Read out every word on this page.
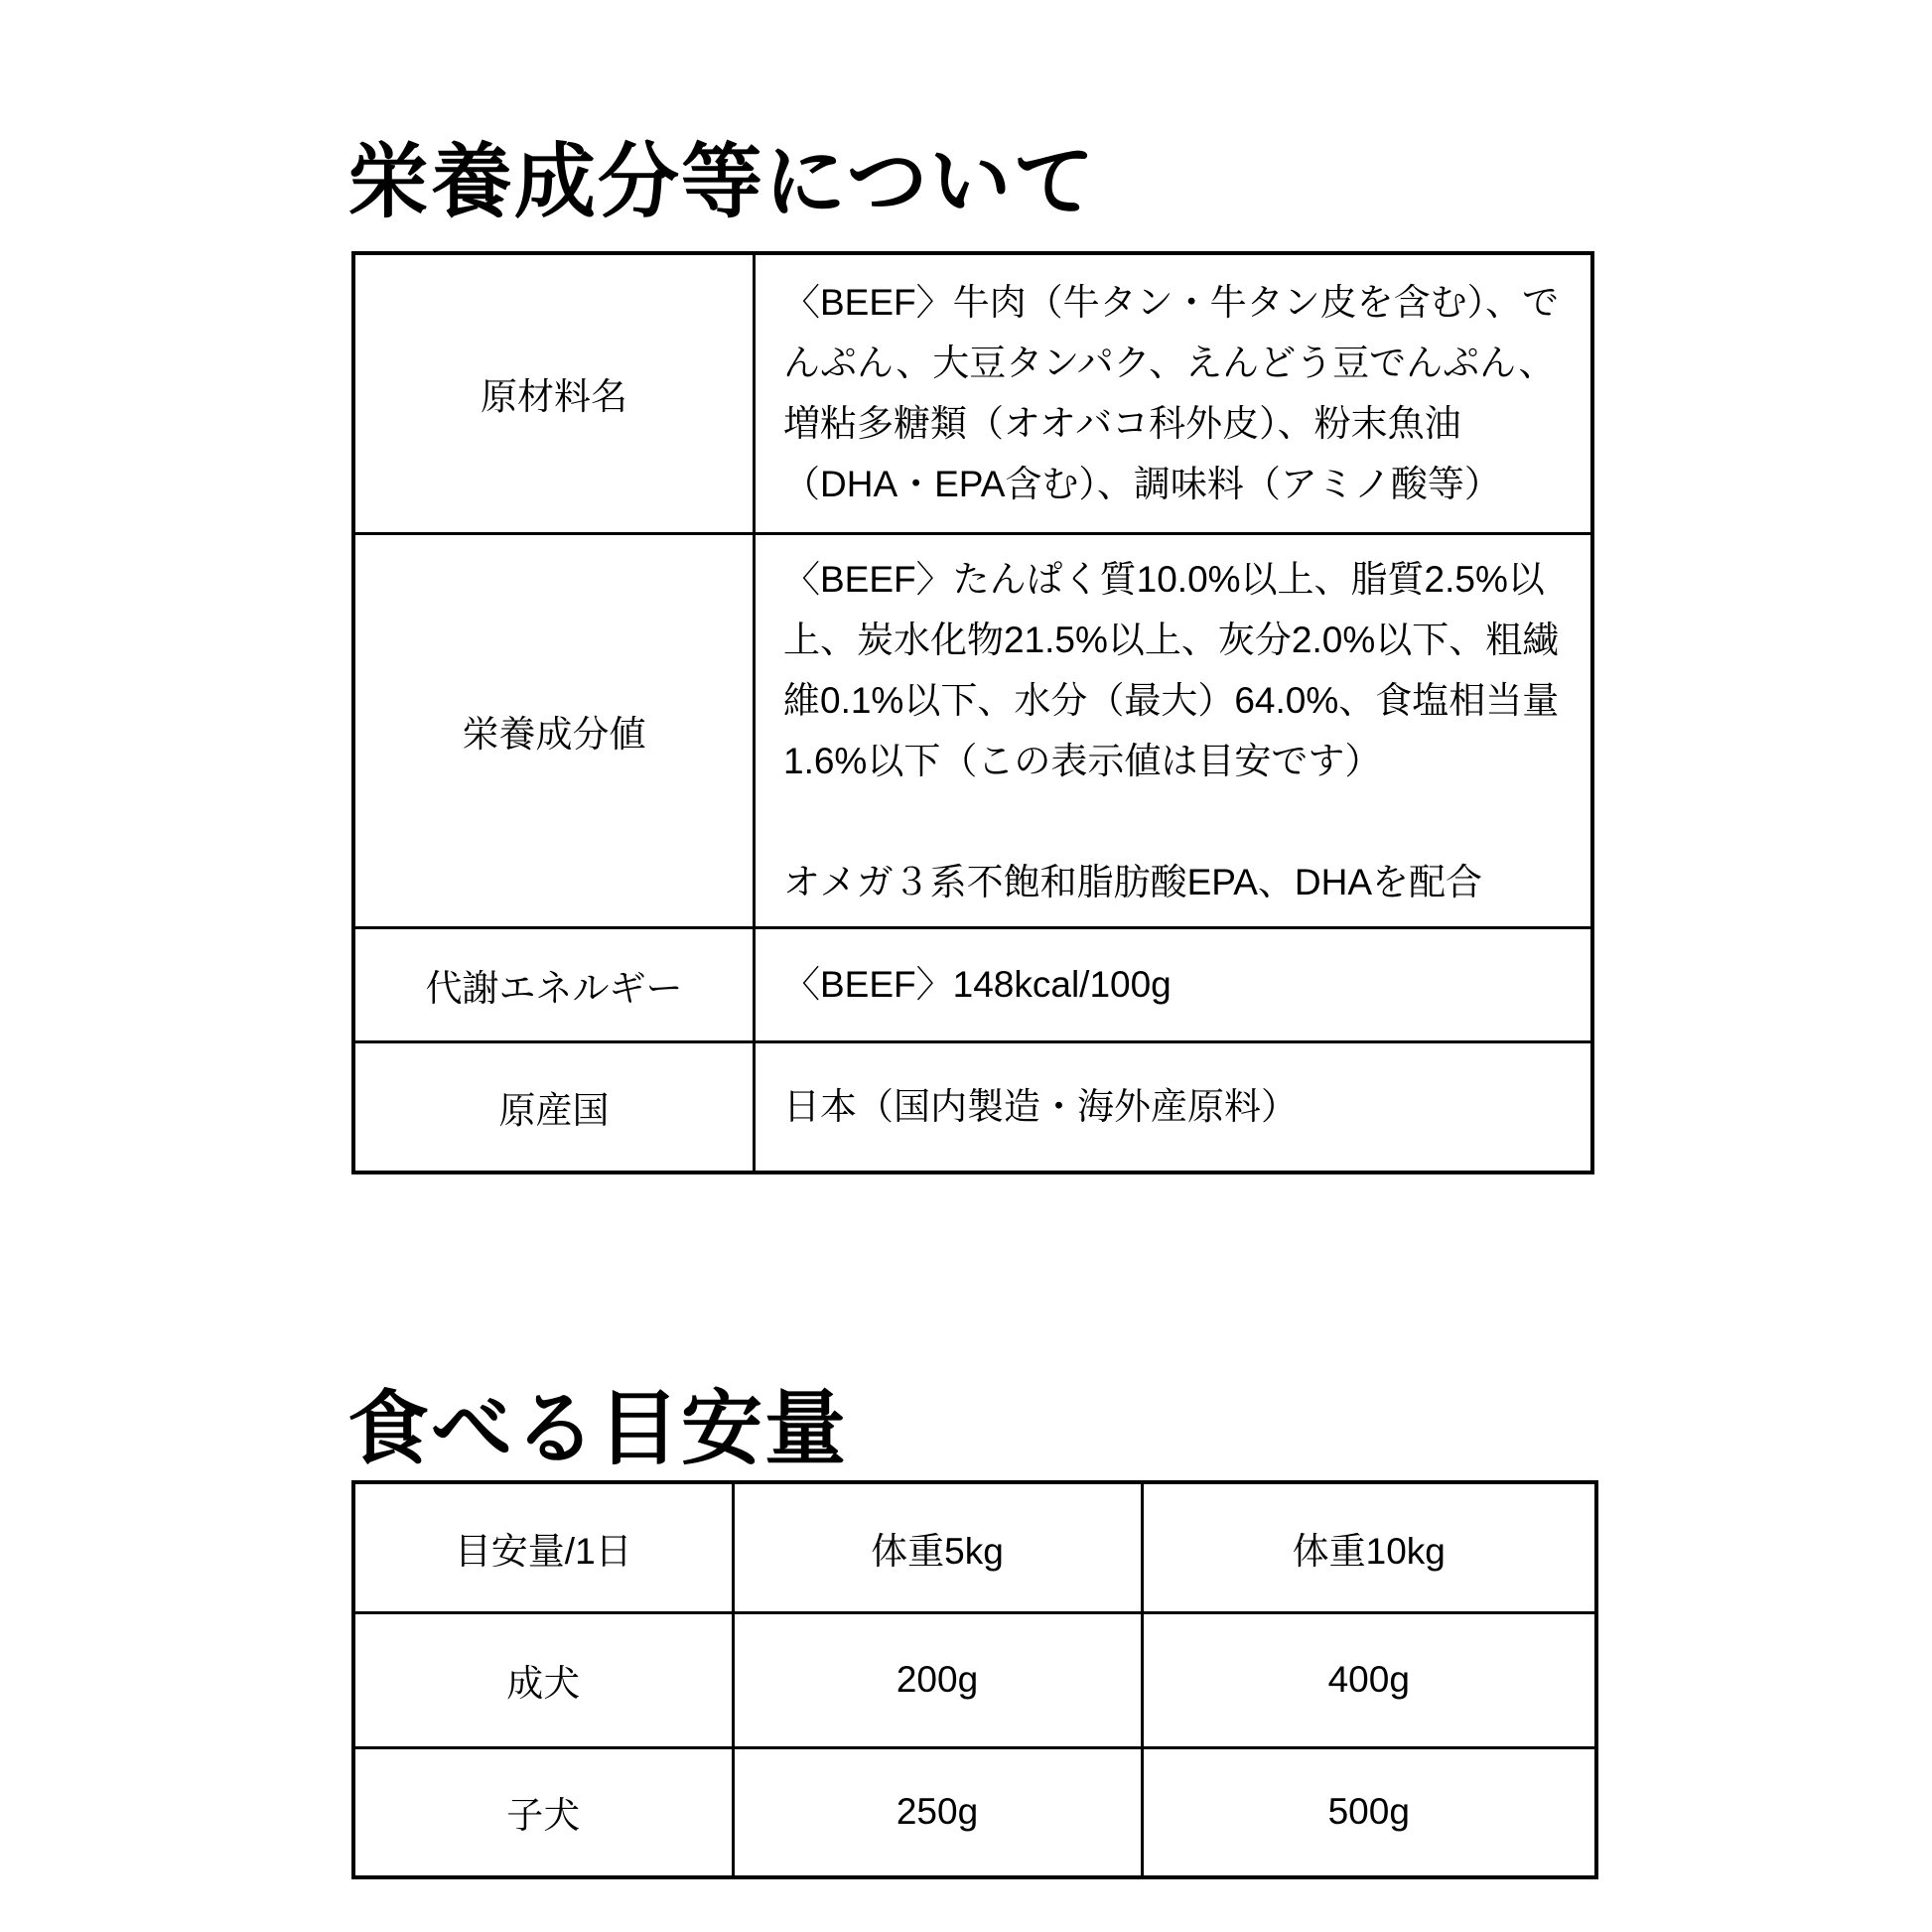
栄養成分等について
原材料名	〈BEEF〉牛肉（牛タン・牛タン皮を含む）、で
んぷん、大豆タンパク、えんどう豆でんぷん、
増粘多糖類（オオバコ科外皮）、粉末魚油
（DHA・EPA含む）、調味料（アミノ酸等）

栄養成分値	〈BEEF〉たんぱく質10.0%以上、脂質2.5%以
上、炭水化物21.5%以上、灰分2.0%以下、粗繊
維0.1%以下、水分（最大）64.0%、食塩相当量
1.6%以下（この表示値は目安です）
オメガ３系不飽和脂肪酸EPA、DHAを配合

代謝エネルギー	〈BEEF〉148kcal/100g

原産国	日本（国内製造・海外産原料）
食べる目安量
目安量/1日	体重5kg	体重10kg
成犬	200g	400g
子犬	250g	500g
